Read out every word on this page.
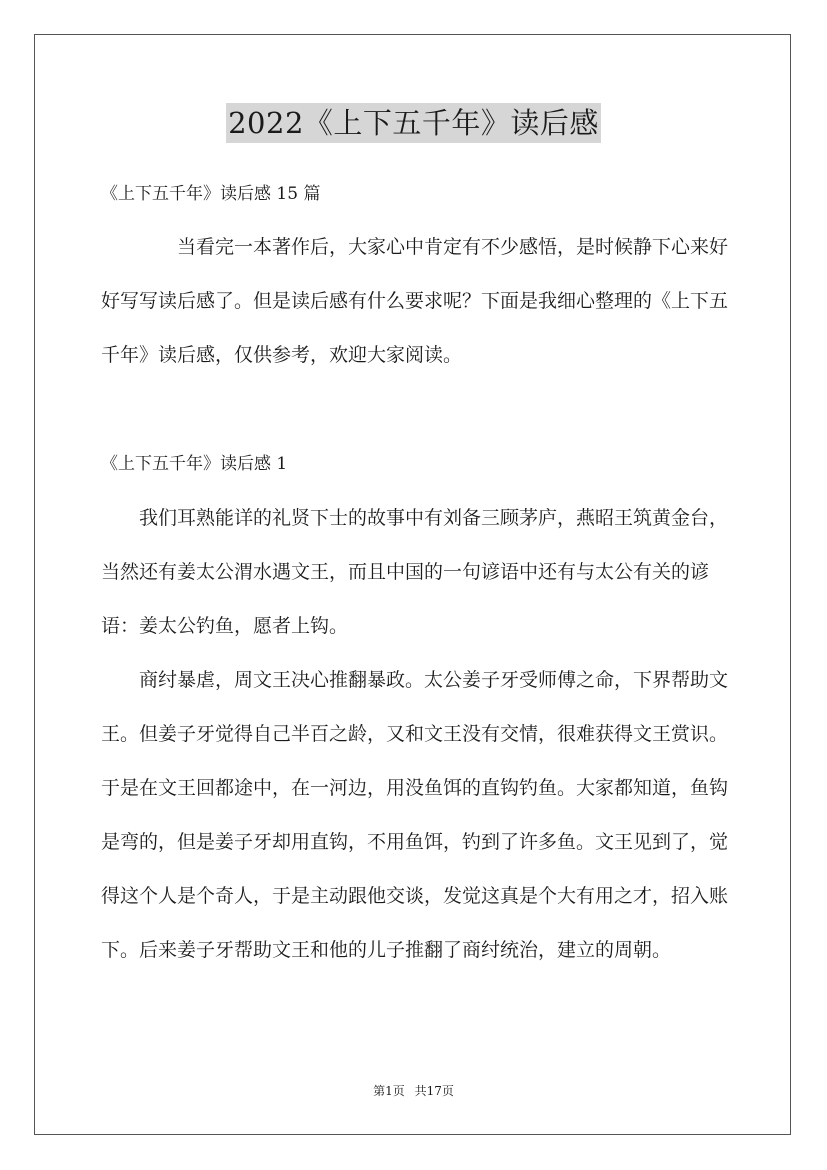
2022《上下五千年》读后感
《上下五千年》读后感 15 篇

当看完一本著作后，大家心中肯定有不少感悟，是时候静下心来好好写写读后感了。但是读后感有什么要求呢？下面是我细心整理的《上下五千年》读后感，仅供参考，欢迎大家阅读。

《上下五千年》读后感 1

我们耳熟能详的礼贤下士的故事中有刘备三顾茅庐，燕昭王筑黄金台，当然还有姜太公渭水遇文王，而且中国的一句谚语中还有与太公有关的谚语：姜太公钓鱼，愿者上钩。

商纣暴虐，周文王决心推翻暴政。太公姜子牙受师傅之命，下界帮助文王。但姜子牙觉得自己半百之龄，又和文王没有交情，很难获得文王赏识。于是在文王回都途中，在一河边，用没鱼饵的直钩钓鱼。大家都知道，鱼钩是弯的，但是姜子牙却用直钩，不用鱼饵，钓到了许多鱼。文王见到了，觉得这个人是个奇人，于是主动跟他交谈，发觉这真是个大有用之才，招入账下。后来姜子牙帮助文王和他的儿子推翻了商纣统治，建立的周朝。

第1页 共17页
